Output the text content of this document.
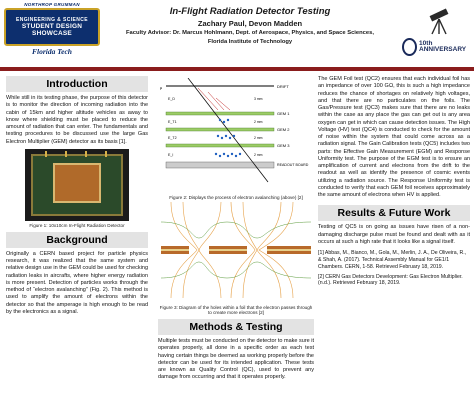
NORTHROP GRUMMAN
ENGINEERING & SCIENCE
STUDENT DESIGN SHOWCASE
Florida Tech
In-Flight Radiation Detector Testing
Zachary Paul, Devon Madden
Faculty Advisor: Dr. Marcus Hohlmann, Dept. of Aerospace, Physics, and Space Sciences,
Florida Institute of Technology	10th ANNIVERSARY
Introduction
While still in its testing phase, the purpose of this detector is to monitor the direction of incoming radiation into the cabin of 15km and higher altitude vehicles as away to know where shielding must be placed to reduce the amount of radiation that can enter. The fundamentals and testing procedures to be discussed use the large Gas Electron Multiplier (GEM) detector as its basis [1].
Figure 1: 10x10cm In-Flight Radiation Detector
Background
Originally a CERN based project for particle physics research, it was realized that the same system and relative design use in the GEM could be used for checking radiation leaks in aircrafts, where higher energy radiation is more present. Detection of particles works through the method of “electron avalanching” (Fig. 2). This method is used to amplify the amount of electrons within the detector so that the amperage is high enough to be read by the electronics as a signal.
μ	DRIFT
GEM 1
GEM 2
GEM 3
READOUT BOARD
E_D
E_T1
E_T2
E_I
3 mm
2 mm
2 mm
2 mm
Figure 2: Displays the process of electron avalanching (above) [2]
Figure 3: Diagram of the holes within a foil that the electron passes through to create more electrons [2]
Methods & Testing
Multiple tests must be conducted on the detector to make sure it operates properly, all done in a specific order as each test having certain things be deemed as working properly before the detector can be used for its intended application. These tests are known as Quality Control (QC), used to prevent any damage from occurring and that it operates properly.
The GEM Foil test (QC2) ensures that each individual foil has an impedance of over 100 GΩ, this is such a high impedance reduces the chance of shortages on relatively high voltages, and that there are no particulates on the foils. The Gas/Pressure test (QC3) makes sure that there are no leaks within the case as any place the gas can get out is any area oxygen can get in which can cause detection issues. The High Voltage (HV) test (QC4) is conducted to check for the amount of noise within the system that could come across as a radiation signal. The Gain Calibration tests (QC5) includes two parts: the Effective Gain Measurement (EGM) and Response Uniformity test. The purpose of the EGM test is to ensure an amplification of current and electrons from the drift to the readout as well as identify the presence of cosmic events utilizing a radiation source. The Response Uniformity test is conducted to verify that each GEM foil receives approximately the same amount of electrons when HV is applied.
Results & Future Work
Testing of QC5 is on going as issues have risen of a non-damaging discharge pulse must be found and dealt with as it occurs at such a high rate that it looks like a signal itself.
[1] Abbas, M., Bianco, M., Gola, M., Merlin, J. A., De Oliveira, R., & Shah, A. (2017). Technical Assembly Manual for GE1/1 Chambers. CERN, 1-58. Retrieved February 18, 2019.
[2] CERN Gas Detectors Development: Gas Electron Multiplier. (n.d.). Retrieved February 18, 2019.
